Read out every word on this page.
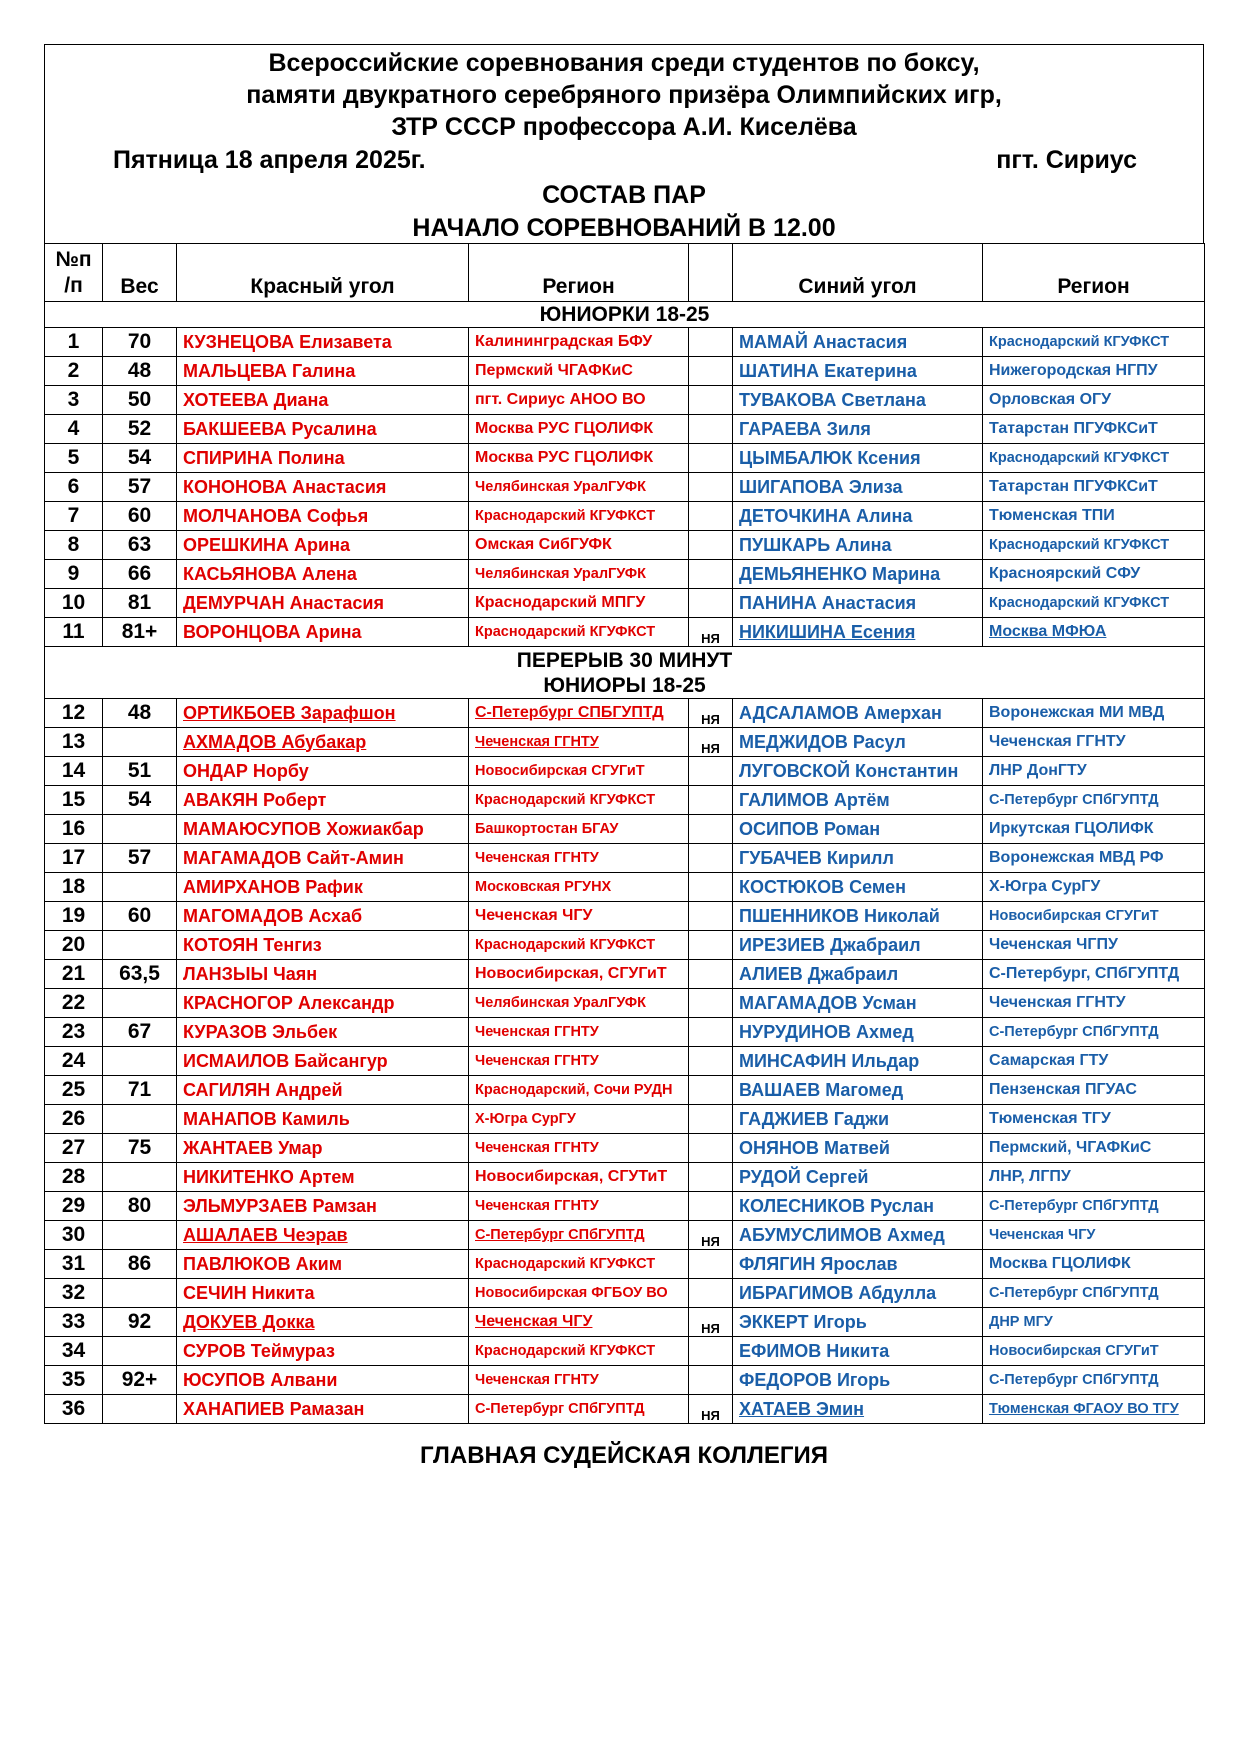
Всероссийские соревнования среди студентов по боксу,
памяти двукратного серебряного призёра Олимпийских игр,
ЗТР СССР профессора А.И. Киселёва
Пятница 18 апреля 2025г.	пгт. Сириус
СОСТАВ ПАР
НАЧАЛО СОРЕВНОВАНИЙ В 12.00
№п /п	Вес	Красный угол	Регион		Синий угол	Регион
ЮНИОРКИ 18-25						
1	70	КУЗНЕЦОВА Елизавета	Калининградская БФУ		МАМАЙ Анастасия	Краснодарский КГУФКСТ
2	48	МАЛЬЦЕВА Галина	Пермский ЧГАФКиС		ШАТИНА Екатерина	Нижегородская НГПУ
3	50	ХОТЕЕВА Диана	пгт. Сириус АНОО ВО		ТУВАКОВА Светлана	Орловская ОГУ
4	52	БАКШЕЕВА Русалина	Москва РУС ГЦОЛИФК		ГАРАЕВА Зиля	Татарстан ПГУФКСиТ
5	54	СПИРИНА Полина	Москва РУС ГЦОЛИФК		ЦЫМБАЛЮК Ксения	Краснодарский КГУФКСТ
6	57	КОНОНОВА Анастасия	Челябинская УралГУФК		ШИГАПОВА Элиза	Татарстан ПГУФКСиТ
7	60	МОЛЧАНОВА Софья	Краснодарский КГУФКСТ		ДЕТОЧКИНА Алина	Тюменская ТПИ
8	63	ОРЕШКИНА Арина	Омская СибГУФК		ПУШКАРЬ Алина	Краснодарский КГУФКСТ
9	66	КАСЬЯНОВА Алена	Челябинская УралГУФК		ДЕМЬЯНЕНКО Марина	Красноярский СФУ
10	81	ДЕМУРЧАН Анастасия	Краснодарский МПГУ		ПАНИНА Анастасия	Краснодарский КГУФКСТ
11	81+	ВОРОНЦОВА Арина	Краснодарский КГУФКСТ	НЯ	НИКИШИНА Есения	Москва МФЮА

ПЕРЕРЫВ 30 МИНУТ
ЮНИОРЫ 18-25						

12	48	ОРТИКБОЕВ Зарафшон	С-Петербург СПБГУПТД	НЯ	АДСАЛАМОВ Амерхан	Воронежская МИ МВД
13		АХМАДОВ Абубакар	Чеченская ГГНТУ	НЯ	МЕДЖИДОВ Расул	Чеченская ГГНТУ
14	51	ОНДАР Норбу	Новосибирская СГУГиТ		ЛУГОВСКОЙ Константин	ЛНР ДонГТУ
15	54	АВАКЯН Роберт	Краснодарский КГУФКСТ		ГАЛИМОВ Артём	С-Петербург СПбГУПТД
16		МАМАЮСУПОВ Хожиакбар	Башкортостан БГАУ		ОСИПОВ Роман	Иркутская ГЦОЛИФК
17	57	МАГАМАДОВ Сайт-Амин	Чеченская ГГНТУ		ГУБАЧЕВ Кирилл	Воронежская МВД РФ
18		АМИРХАНОВ Рафик	Московская РГУНХ		КОСТЮКОВ Семен	Х-Югра СурГУ
19	60	МАГОМАДОВ Асхаб	Чеченская ЧГУ		ПШЕННИКОВ Николай	Новосибирская СГУГиТ
20		КОТОЯН Тенгиз	Краснодарский КГУФКСТ		ИРЕЗИЕВ Джабраил	Чеченская ЧГПУ
21	63,5	ЛАНЗЫЫ Чаян	Новосибирская, СГУГиТ		АЛИЕВ Джабраил	С-Петербург, СПбГУПТД
22		КРАСНОГОР Александр	Челябинская УралГУФК		МАГАМАДОВ Усман	Чеченская ГГНТУ
23	67	КУРАЗОВ Эльбек	Чеченская ГГНТУ		НУРУДИНОВ Ахмед	С-Петербург СПбГУПТД
24		ИСМАИЛОВ Байсангур	Чеченская ГГНТУ		МИНСАФИН Ильдар	Самарская ГТУ
25	71	САГИЛЯН Андрей	Краснодарский, Сочи РУДН		ВАШАЕВ Магомед	Пензенская ПГУАС
26		МАНАПОВ Камиль	Х-Югра СурГУ		ГАДЖИЕВ Гаджи	Тюменская ТГУ
27	75	ЖАНТАЕВ Умар	Чеченская ГГНТУ		ОНЯНОВ Матвей	Пермский, ЧГАФКиС
28		НИКИТЕНКО Артем	Новосибирская, СГУТиТ		РУДОЙ Сергей	ЛНР, ЛГПУ
29	80	ЭЛЬМУРЗАЕВ Рамзан	Чеченская ГГНТУ		КОЛЕСНИКОВ Руслан	С-Петербург СПбГУПТД
30		АШАЛАЕВ Чеэрав	С-Петербург СПбГУПТД	НЯ	АБУМУСЛИМОВ Ахмед	Чеченская ЧГУ
31	86	ПАВЛЮКОВ Аким	Краснодарский КГУФКСТ		ФЛЯГИН Ярослав	Москва ГЦОЛИФК
32		СЕЧИН Никита	Новосибирская ФГБОУ ВО		ИБРАГИМОВ Абдулла	С-Петербург СПбГУПТД
33	92	ДОКУЕВ Докка	Чеченская ЧГУ	НЯ	ЭККЕРТ Игорь	ДНР МГУ
34		СУРОВ Теймураз	Краснодарский КГУФКСТ		ЕФИМОВ Никита	Новосибирская СГУГиТ
35	92+	ЮСУПОВ Алвани	Чеченская ГГНТУ		ФЕДОРОВ Игорь	С-Петербург СПбГУПТД
36		ХАНАПИЕВ Рамазан	С-Петербург СПбГУПТД	НЯ	ХАТАЕВ Эмин	Тюменская ФГАОУ ВО ТГУ
ГЛАВНАЯ СУДЕЙСКАЯ КОЛЛЕГИЯ
